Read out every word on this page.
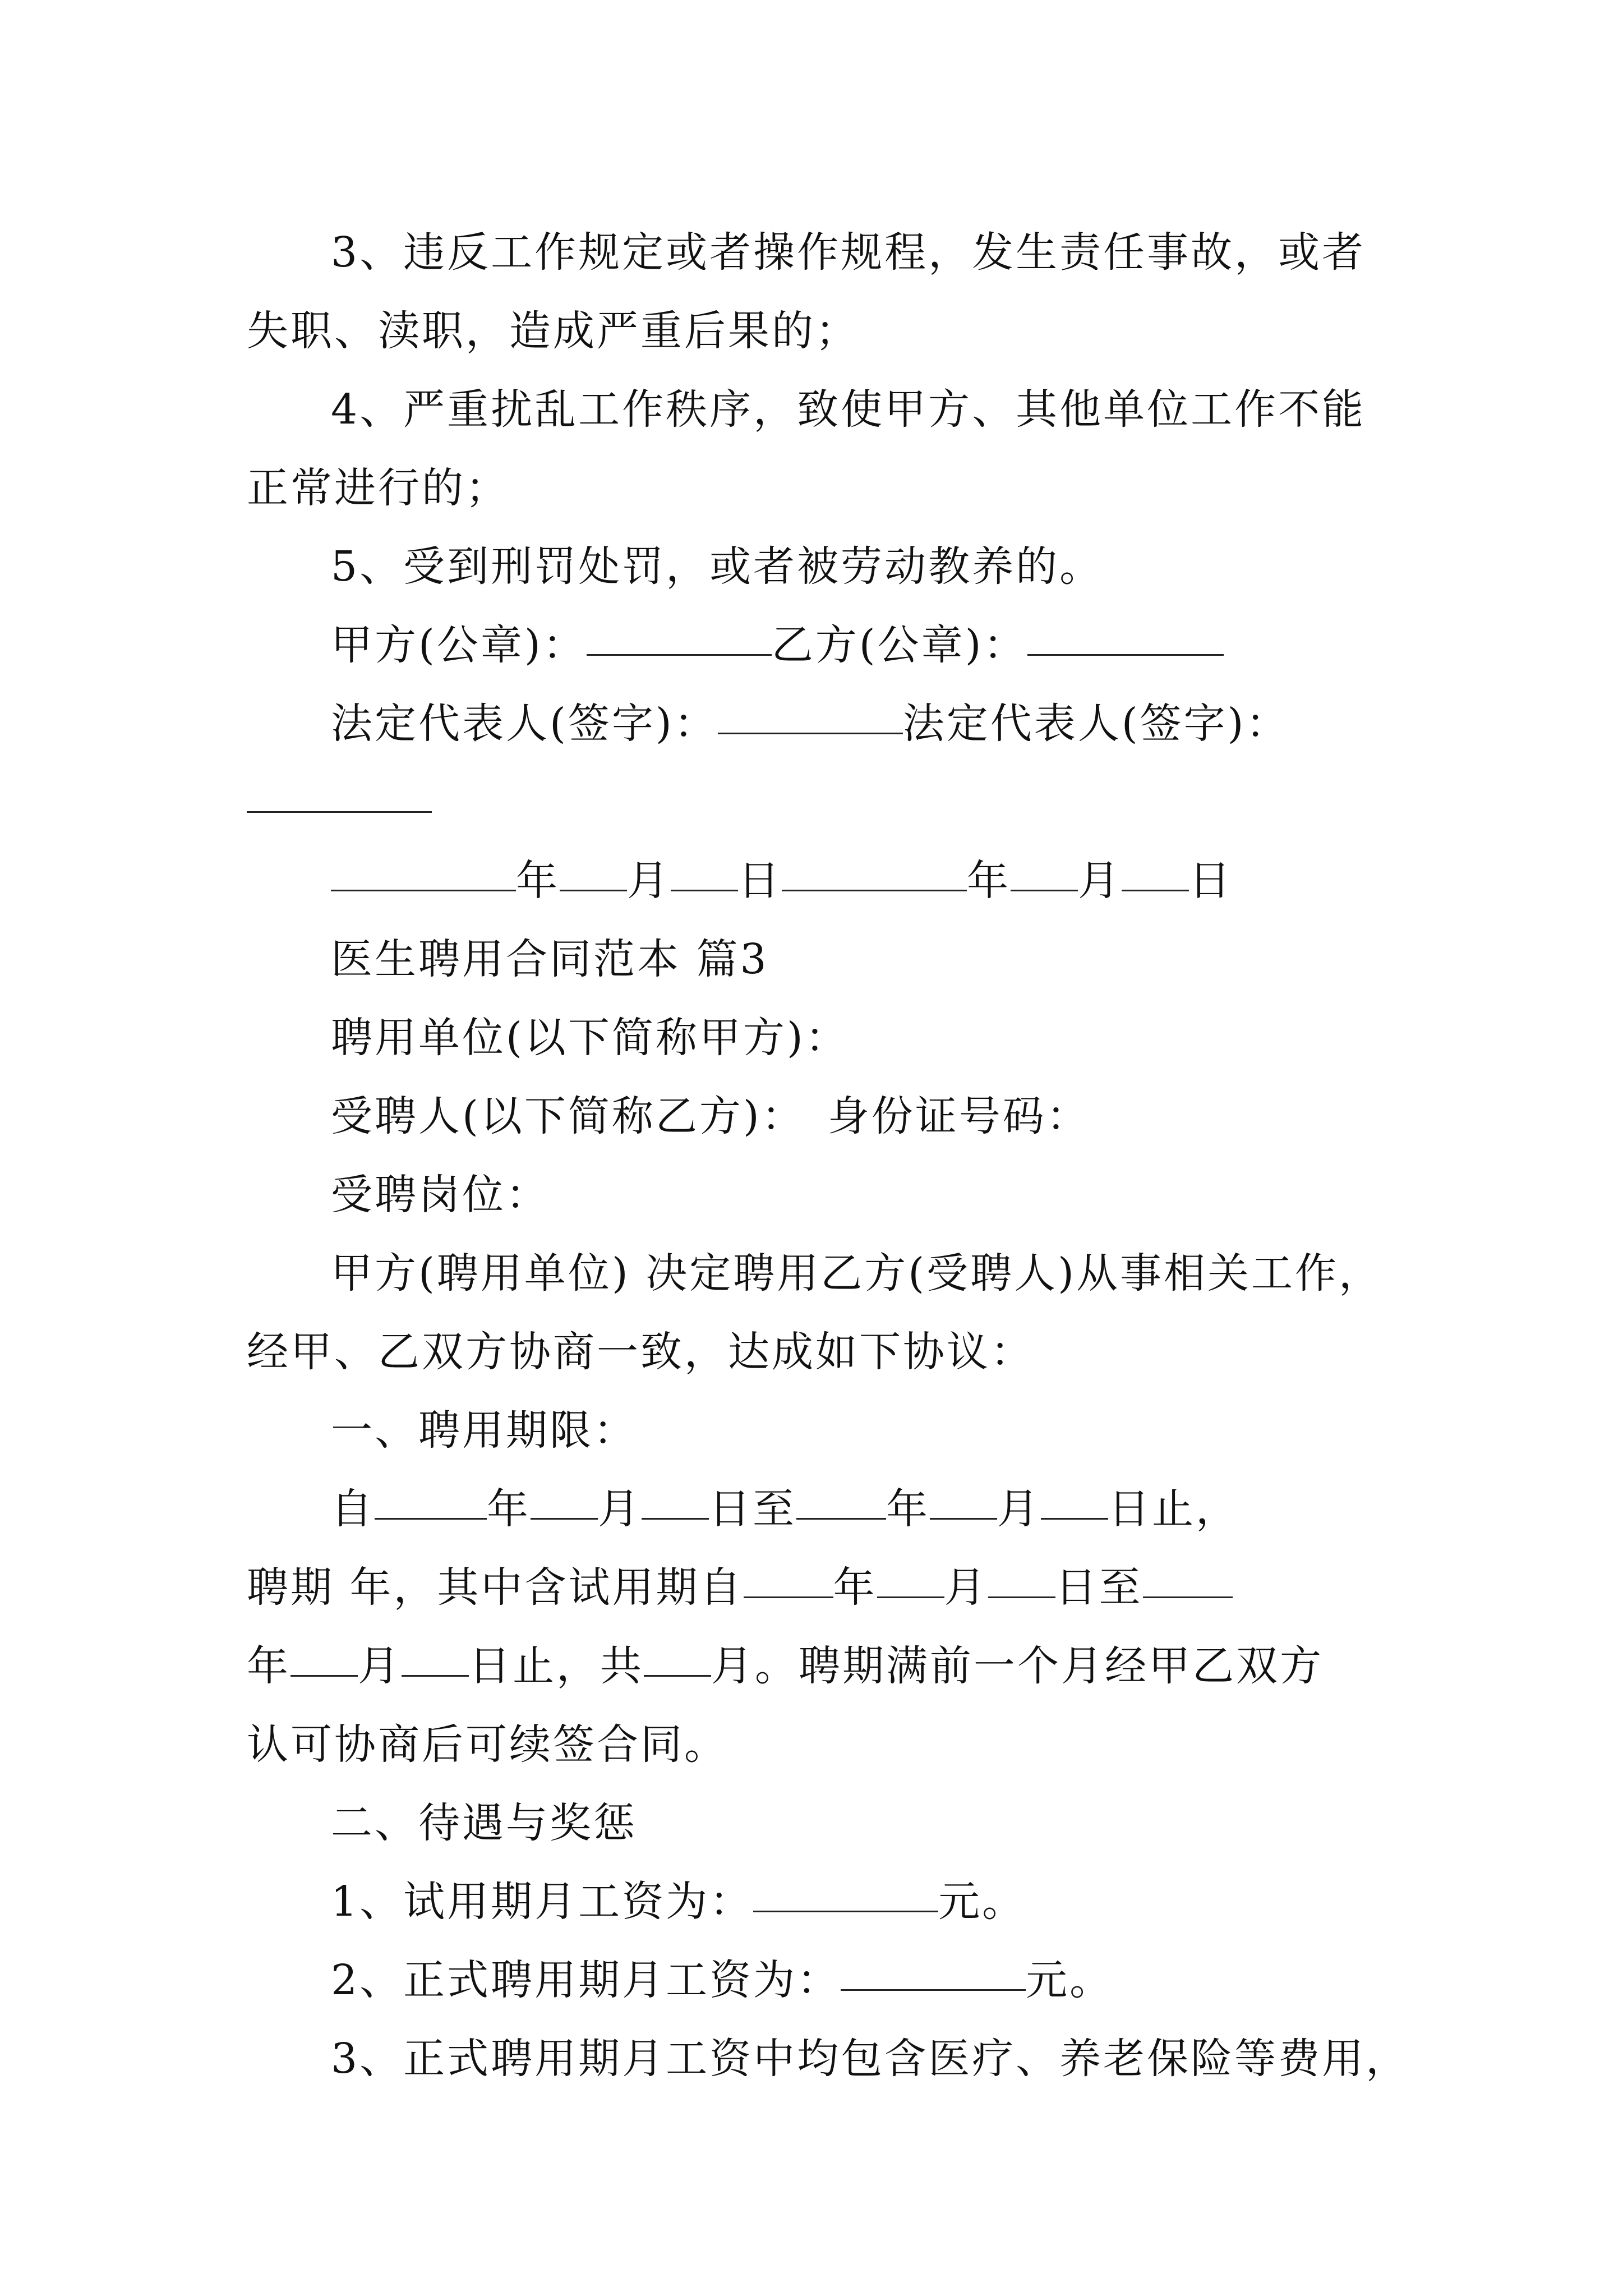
3、违反工作规定或者操作规程，发生责任事故，或者
失职、渎职，造成严重后果的；
4、严重扰乱工作秩序，致使甲方、其他单位工作不能
正常进行的；
5、受到刑罚处罚，或者被劳动教养的。
甲方(公章)：	乙方(公章)：
法定代表人(签字)：	法定代表人(签字)：
年 月 日	年 月 日
医生聘用合同范本 篇3
聘用单位(以下简称甲方)：
受聘人(以下简称乙方)： 身份证号码：
受聘岗位：
甲方(聘用单位) 决定聘用乙方(受聘人)从事相关工作，
经甲、乙双方协商一致，达成如下协议：
一、聘用期限：
自	年 月 日至 年 月 日止，
聘期 年，其中含试用期自 年 月 日至
年 月 日止，共 月。聘期满前一个月经甲乙双方
认可协商后可续签合同。
二、待遇与奖惩
1、试用期月工资为：	元。
2、正式聘用期月工资为：	元。
3、正式聘用期月工资中均包含医疗、养老保险等费用，
